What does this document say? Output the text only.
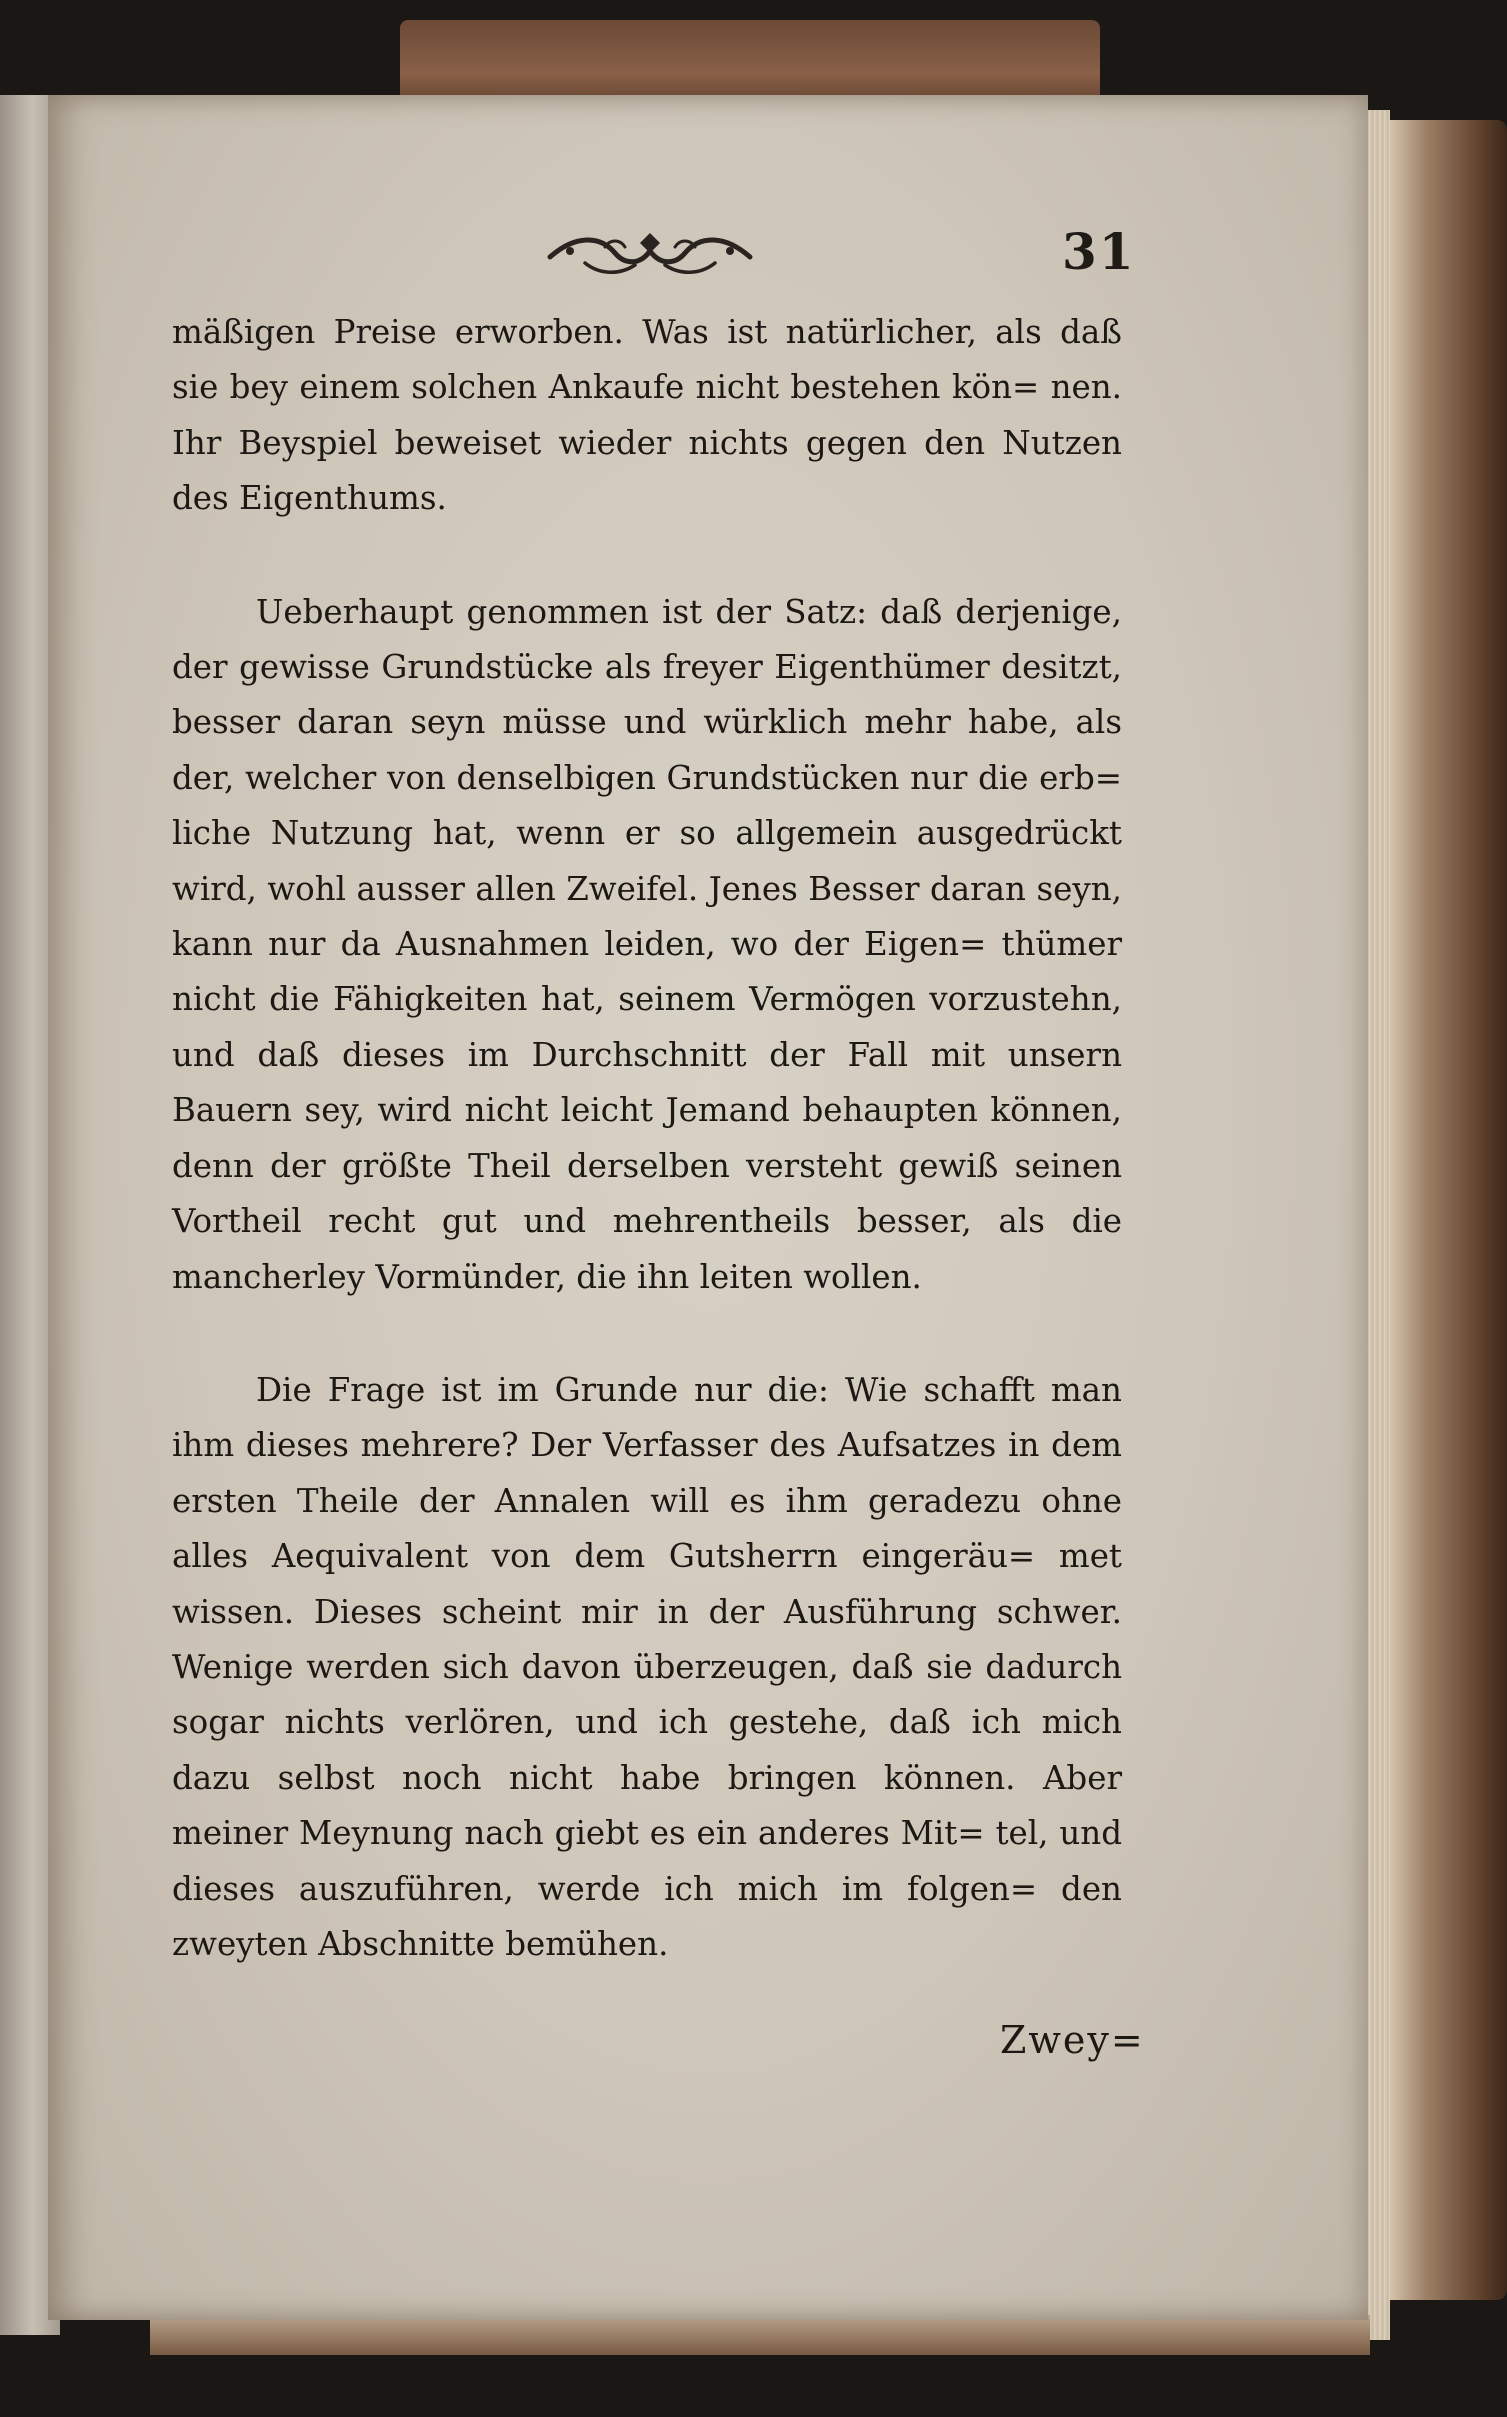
31

mäßigen Preise erworben. Was ist natürlicher, als daß sie bey einem solchen Ankaufe nicht bestehen kön= nen. Ihr Beyspiel beweiset wieder nichts gegen den Nutzen des Eigenthums.

Ueberhaupt genommen ist der Satz: daß derjenige, der gewisse Grundstücke als freyer Eigenthümer desitzt, besser daran seyn müsse und würklich mehr habe, als der, welcher von denselbigen Grundstücken nur die erb= liche Nutzung hat, wenn er so allgemein ausgedrückt wird, wohl ausser allen Zweifel. Jenes Besser daran seyn, kann nur da Ausnahmen leiden, wo der Eigen= thümer nicht die Fähigkeiten hat, seinem Vermögen vorzustehn, und daß dieses im Durchschnitt der Fall mit unsern Bauern sey, wird nicht leicht Jemand behaupten können, denn der größte Theil derselben versteht gewiß seinen Vortheil recht gut und mehrentheils besser, als die mancherley Vormünder, die ihn leiten wollen.

Die Frage ist im Grunde nur die: Wie schafft man ihm dieses mehrere? Der Verfasser des Aufsatzes in dem ersten Theile der Annalen will es ihm geradezu ohne alles Aequivalent von dem Gutsherrn eingeräu= met wissen. Dieses scheint mir in der Ausführung schwer. Wenige werden sich davon überzeugen, daß sie dadurch sogar nichts verlören, und ich gestehe, daß ich mich dazu selbst noch nicht habe bringen können. Aber meiner Meynung nach giebt es ein anderes Mit= tel, und dieses auszuführen, werde ich mich im folgen= den zweyten Abschnitte bemühen.

Zwey=
